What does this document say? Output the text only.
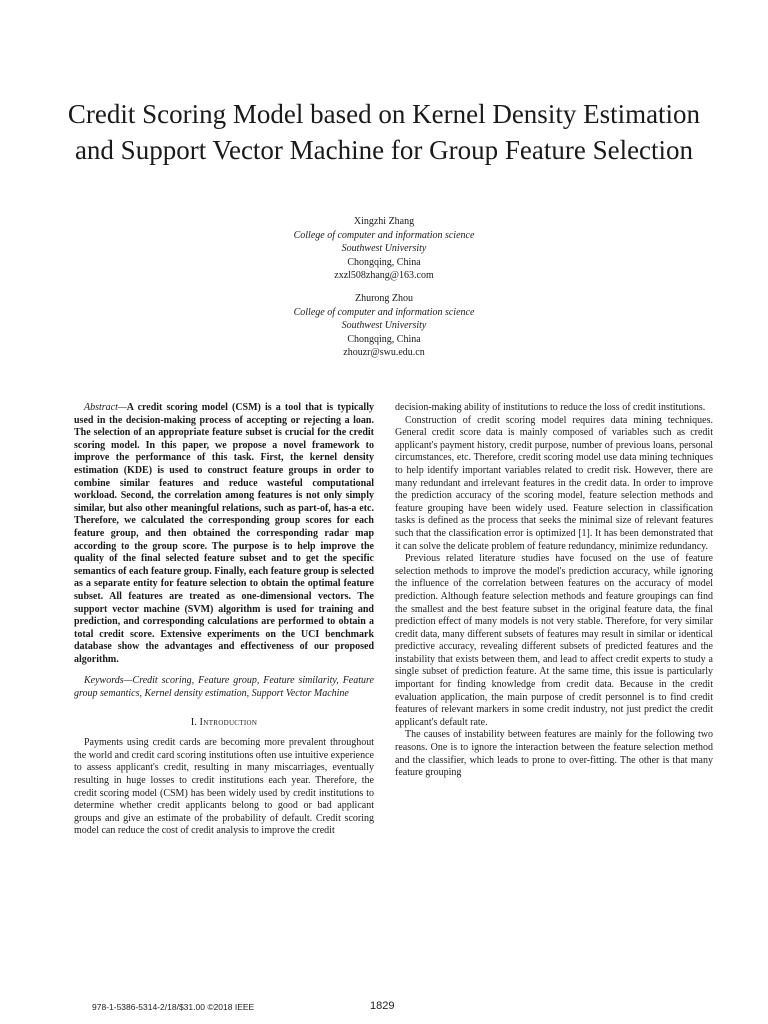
Credit Scoring Model based on Kernel Density Estimation and Support Vector Machine for Group Feature Selection
Xingzhi Zhang
College of computer and information science
Southwest University
Chongqing, China
zxzl508zhang@163.com
Zhurong Zhou
College of computer and information science
Southwest University
Chongqing, China
zhouzr@swu.edu.cn

Abstract—A credit scoring model (CSM) is a tool that is typically used in the decision-making process of accepting or rejecting a loan. The selection of an appropriate feature subset is crucial for the credit scoring model. In this paper, we propose a novel framework to improve the performance of this task. First, the kernel density estimation (KDE) is used to construct feature groups in order to combine similar features and reduce wasteful computational workload. Second, the correlation among features is not only simply similar, but also other meaningful relations, such as part-of, has-a etc. Therefore, we calculated the corresponding group scores for each feature group, and then obtained the corresponding radar map according to the group score. The purpose is to help improve the quality of the final selected feature subset and to get the specific semantics of each feature group. Finally, each feature group is selected as a separate entity for feature selection to obtain the optimal feature subset. All features are treated as one-dimensional vectors. The support vector machine (SVM) algorithm is used for training and prediction, and corresponding calculations are performed to obtain a total credit score. Extensive experiments on the UCI benchmark database show the advantages and effectiveness of our proposed algorithm.

Keywords—Credit scoring, Feature group, Feature similarity, Feature group semantics, Kernel density estimation, Support Vector Machine

I. Introduction

Payments using credit cards are becoming more prevalent throughout the world and credit card scoring institutions often use intuitive experience to assess applicant's credit, resulting in many miscarriages, eventually resulting in huge losses to credit institutions each year. Therefore, the credit scoring model (CSM) has been widely used by credit institutions to determine whether credit applicants belong to good or bad applicant groups and give an estimate of the probability of default. Credit scoring model can reduce the cost of credit analysis to improve the credit

decision-making ability of institutions to reduce the loss of credit institutions.

Construction of credit scoring model requires data mining techniques. General credit score data is mainly composed of variables such as credit applicant's payment history, credit purpose, number of previous loans, personal circumstances, etc. Therefore, credit scoring model use data mining techniques to help identify important variables related to credit risk. However, there are many redundant and irrelevant features in the credit data. In order to improve the prediction accuracy of the scoring model, feature selection methods and feature grouping have been widely used. Feature selection in classification tasks is defined as the process that seeks the minimal size of relevant features such that the classification error is optimized [1]. It has been demonstrated that it can solve the delicate problem of feature redundancy, minimize redundancy.

Previous related literature studies have focused on the use of feature selection methods to improve the model's prediction accuracy, while ignoring the influence of the correlation between features on the accuracy of model prediction. Although feature selection methods and feature groupings can find the smallest and the best feature subset in the original feature data, the final prediction effect of many models is not very stable. Therefore, for very similar credit data, many different subsets of features may result in similar or identical predictive accuracy, revealing different subsets of predicted features and the instability that exists between them, and lead to affect credit experts to study a single subset of prediction feature. At the same time, this issue is particularly important for finding knowledge from credit data. Because in the credit evaluation application, the main purpose of credit personnel is to find credit features of relevant markers in some credit industry, not just predict the credit applicant's default rate.

The causes of instability between features are mainly for the following two reasons. One is to ignore the interaction between the feature selection method and the classifier, which leads to prone to over-fitting. The other is that many feature grouping

978-1-5386-5314-2/18/$31.00 ©2018 IEEE	1829
